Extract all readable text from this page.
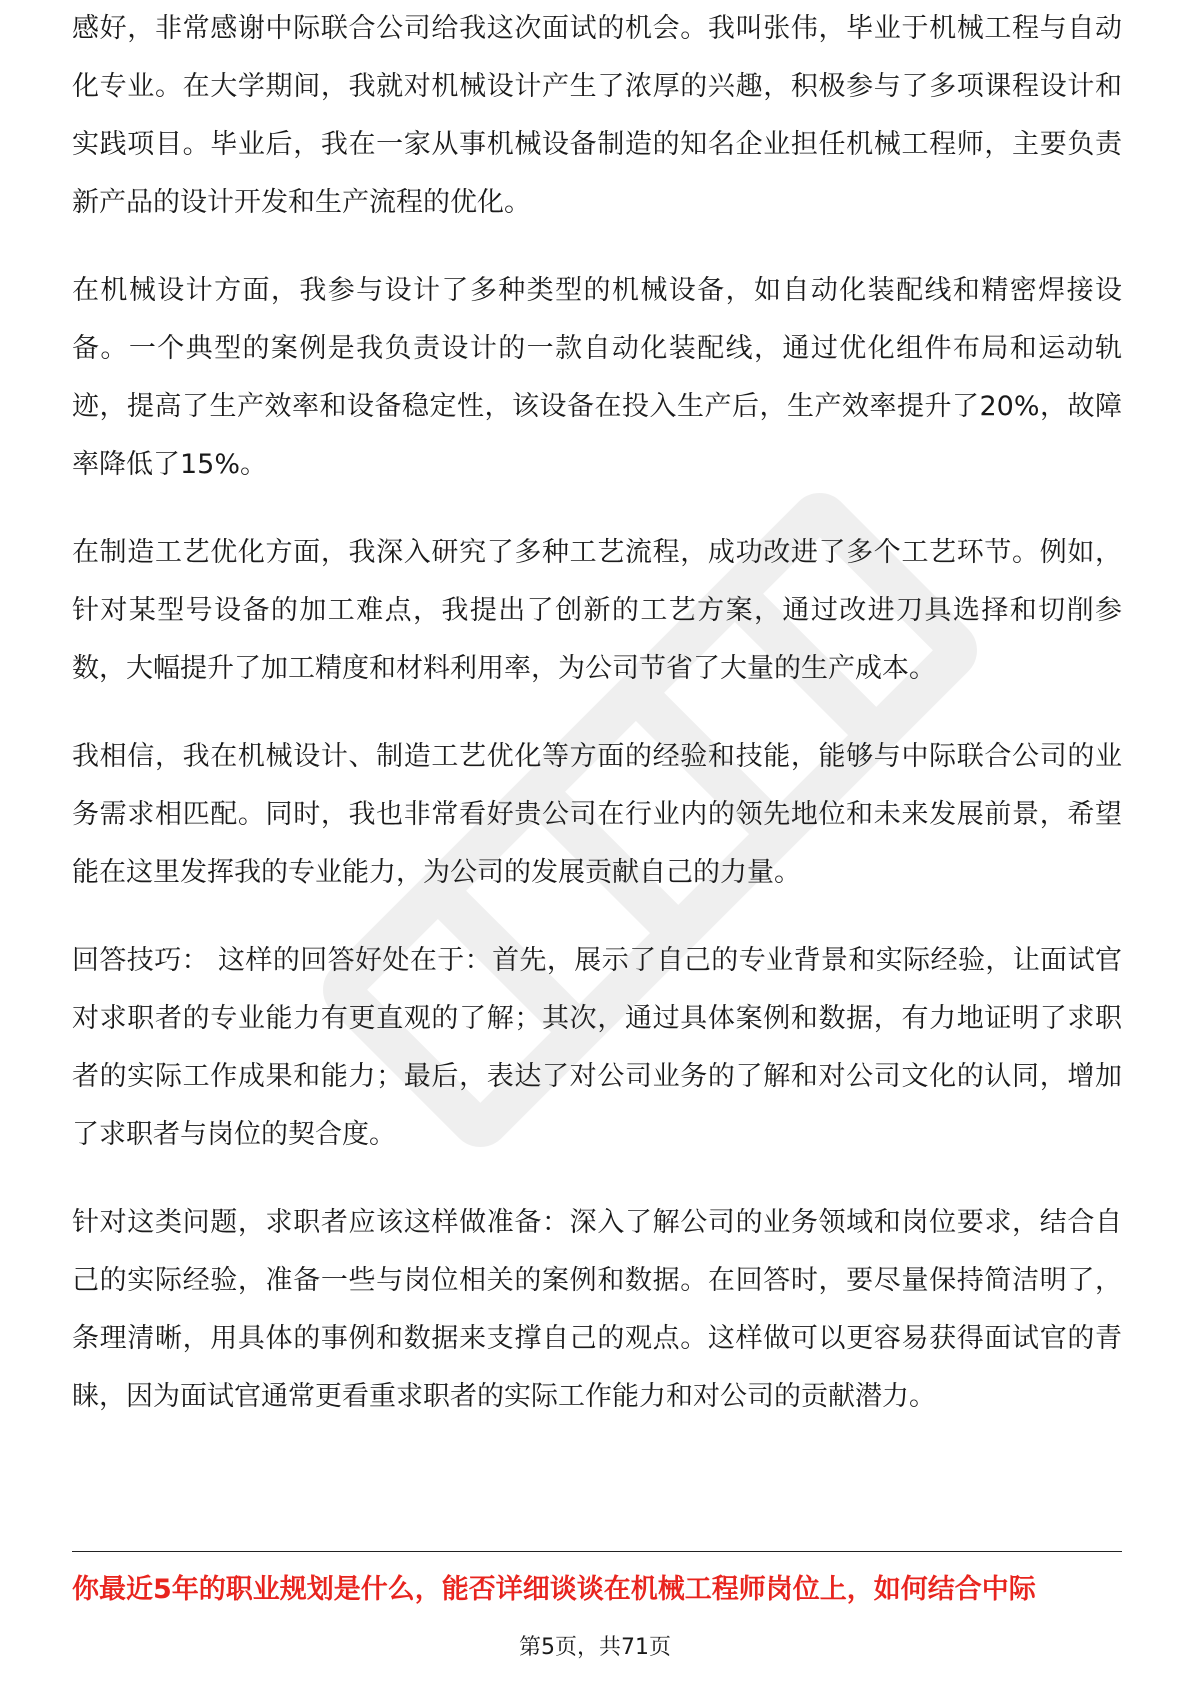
感好，非常感谢中际联合公司给我这次面试的机会。我叫张伟，毕业于机械工程与自动化专业。在大学期间，我就对机械设计产生了浓厚的兴趣，积极参与了多项课程设计和实践项目。毕业后，我在一家从事机械设备制造的知名企业担任机械工程师，主要负责新产品的设计开发和生产流程的优化。

在机械设计方面，我参与设计了多种类型的机械设备，如自动化装配线和精密焊接设备。一个典型的案例是我负责设计的一款自动化装配线，通过优化组件布局和运动轨迹，提高了生产效率和设备稳定性，该设备在投入生产后，生产效率提升了20%，故障率降低了15%。

在制造工艺优化方面，我深入研究了多种工艺流程，成功改进了多个工艺环节。例如，针对某型号设备的加工难点，我提出了创新的工艺方案，通过改进刀具选择和切削参数，大幅提升了加工精度和材料利用率，为公司节省了大量的生产成本。

我相信，我在机械设计、制造工艺优化等方面的经验和技能，能够与中际联合公司的业务需求相匹配。同时，我也非常看好贵公司在行业内的领先地位和未来发展前景，希望能在这里发挥我的专业能力，为公司的发展贡献自己的力量。

回答技巧： 这样的回答好处在于：首先，展示了自己的专业背景和实际经验，让面试官对求职者的专业能力有更直观的了解；其次，通过具体案例和数据，有力地证明了求职者的实际工作成果和能力；最后，表达了对公司业务的了解和对公司文化的认同，增加了求职者与岗位的契合度。

针对这类问题，求职者应该这样做准备：深入了解公司的业务领域和岗位要求，结合自己的实际经验，准备一些与岗位相关的案例和数据。在回答时，要尽量保持简洁明了，条理清晰，用具体的事例和数据来支撑自己的观点。这样做可以更容易获得面试官的青睐，因为面试官通常更看重求职者的实际工作能力和对公司的贡献潜力。

你最近5年的职业规划是什么，能否详细谈谈在机械工程师岗位上，如何结合中际
第5页，共71页
